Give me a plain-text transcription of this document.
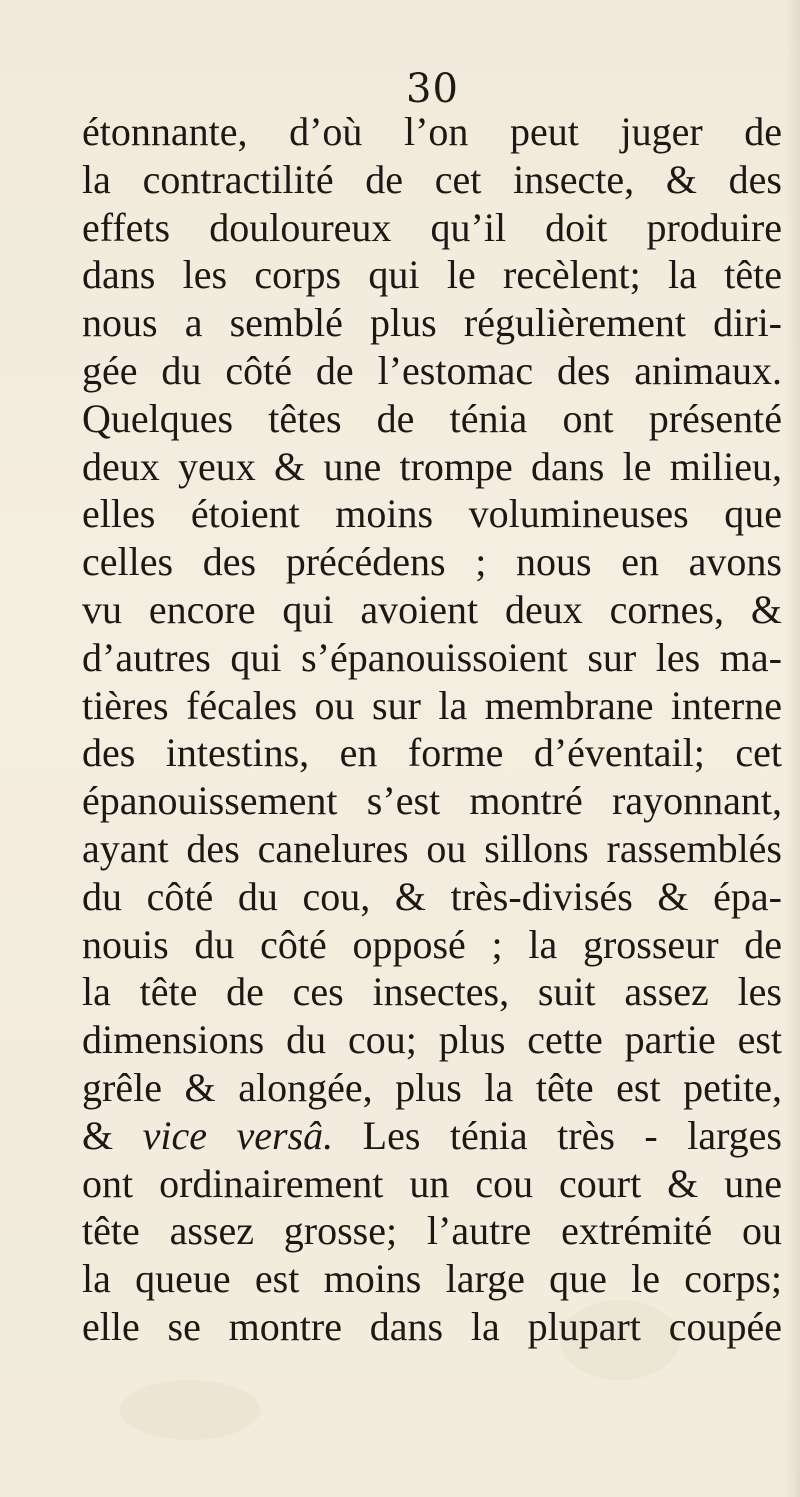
30
étonnante, d’où l’on peut juger de
la contractilité de cet insecte, & des
effets douloureux qu’il doit produire
dans les corps qui le recèlent; la tête
nous a semblé plus régulièrement diri-
gée du côté de l’estomac des animaux.
Quelques têtes de ténia ont présenté
deux yeux & une trompe dans le milieu,
elles étoient moins volumineuses que
celles des précédens ; nous en avons
vu encore qui avoient deux cornes, &
d’autres qui s’épanouissoient sur les ma-
tières fécales ou sur la membrane interne
des intestins, en forme d’éventail; cet
épanouissement s’est montré rayonnant,
ayant des canelures ou sillons rassemblés
du côté du cou, & très-divisés & épa-
nouis du côté opposé ; la grosseur de
la tête de ces insectes, suit assez les
dimensions du cou; plus cette partie est
grêle & alongée, plus la tête est petite,
& vice versâ. Les ténia très - larges
ont ordinairement un cou court & une
tête assez grosse; l’autre extrémité ou
la queue est moins large que le corps;
elle se montre dans la plupart coupée
